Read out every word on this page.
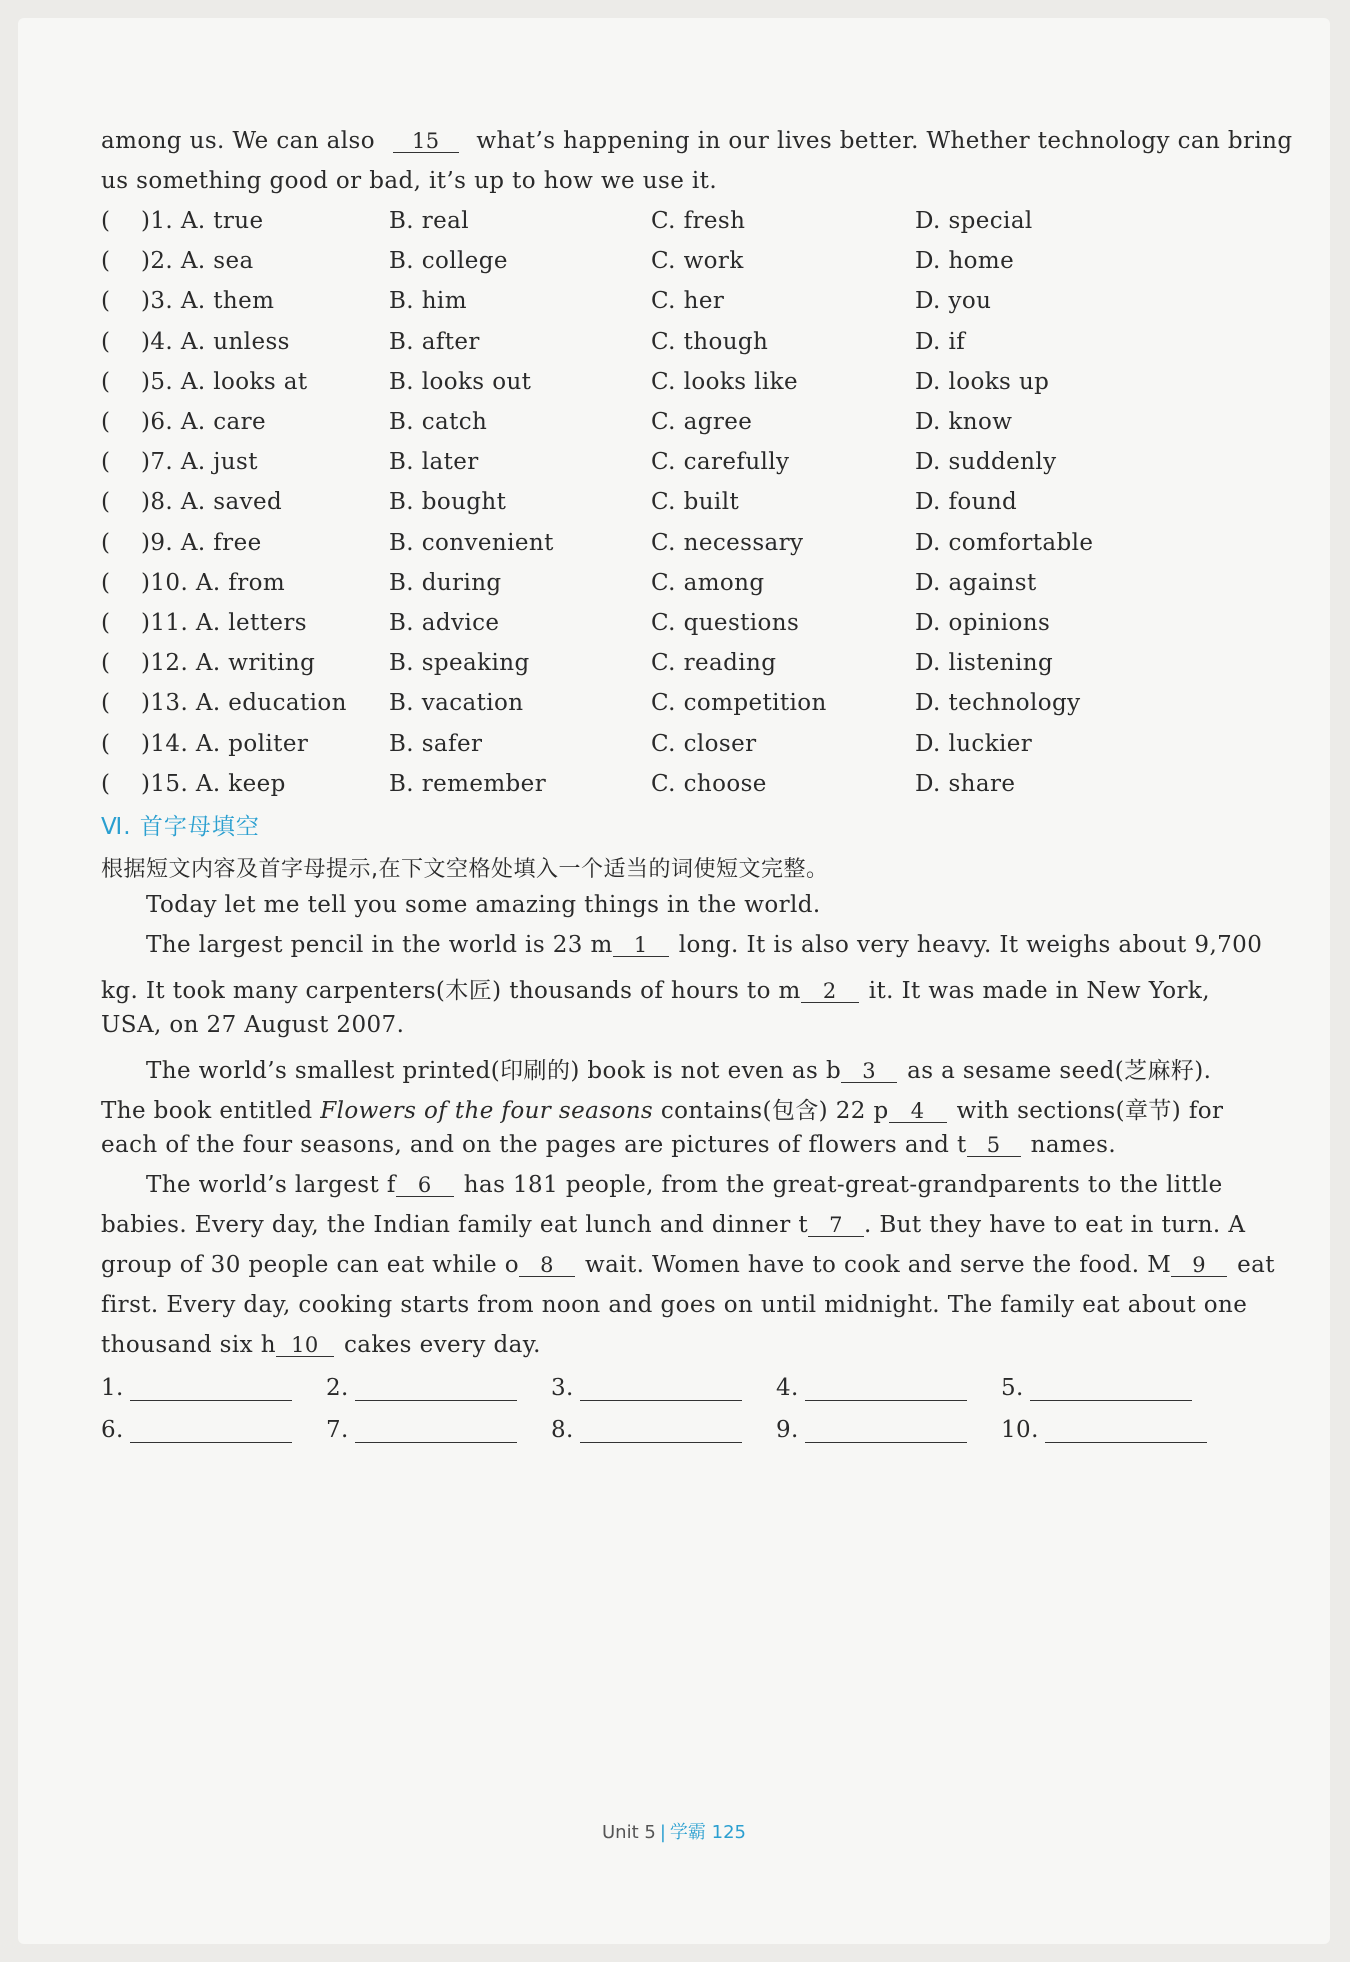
among us. We can also 15 what’s happening in our lives better. Whether technology can bring
us something good or bad, it’s up to how we use it.
( )1. A. true	B. real	C. fresh	D. special
( )2. A. sea	B. college	C. work	D. home
( )3. A. them	B. him	C. her	D. you
( )4. A. unless	B. after	C. though	D. if
( )5. A. looks at	B. looks out	C. looks like	D. looks up
( )6. A. care	B. catch	C. agree	D. know
( )7. A. just	B. later	C. carefully	D. suddenly
( )8. A. saved	B. bought	C. built	D. found
( )9. A. free	B. convenient	C. necessary	D. comfortable
( )10. A. from	B. during	C. among	D. against
( )11. A. letters	B. advice	C. questions	D. opinions
( )12. A. writing	B. speaking	C. reading	D. listening
( )13. A. education B. vacation	C. competition	D. technology
( )14. A. politer	B. safer	C. closer	D. luckier
( )15. A. keep	B. remember	C. choose	D. share
Ⅵ. 首字母填空
根据短文内容及首字母提示,在下文空格处填入一个适当的词使短文完整。
Today let me tell you some amazing things in the world.
The largest pencil in the world is 23 m 1 long. It is also very heavy. It weighs about 9,700
kg. It took many carpenters(木匠) thousands of hours to m 2 it. It was made in New York,
USA, on 27 August 2007.
The world’s smallest printed(印刷的) book is not even as b 3 as a sesame seed(芝麻籽).
The book entitled Flowers of the four seasons contains(包含) 22 p 4 with sections(章节) for
each of the four seasons, and on the pages are pictures of flowers and t 5 names.
The world’s largest f 6 has 181 people, from the great-great-grandparents to the little
babies. Every day, the Indian family eat lunch and dinner t 7 . But they have to eat in turn. A
group of 30 people can eat while o 8 wait. Women have to cook and serve the food. M 9 eat
first. Every day, cooking starts from noon and goes on until midnight. The family eat about one
thousand six h 10 cakes every day.
1.	2.	3.	4.	5.
6.	7.	8.	9.	10.
Unit 5 | 学霸 125
